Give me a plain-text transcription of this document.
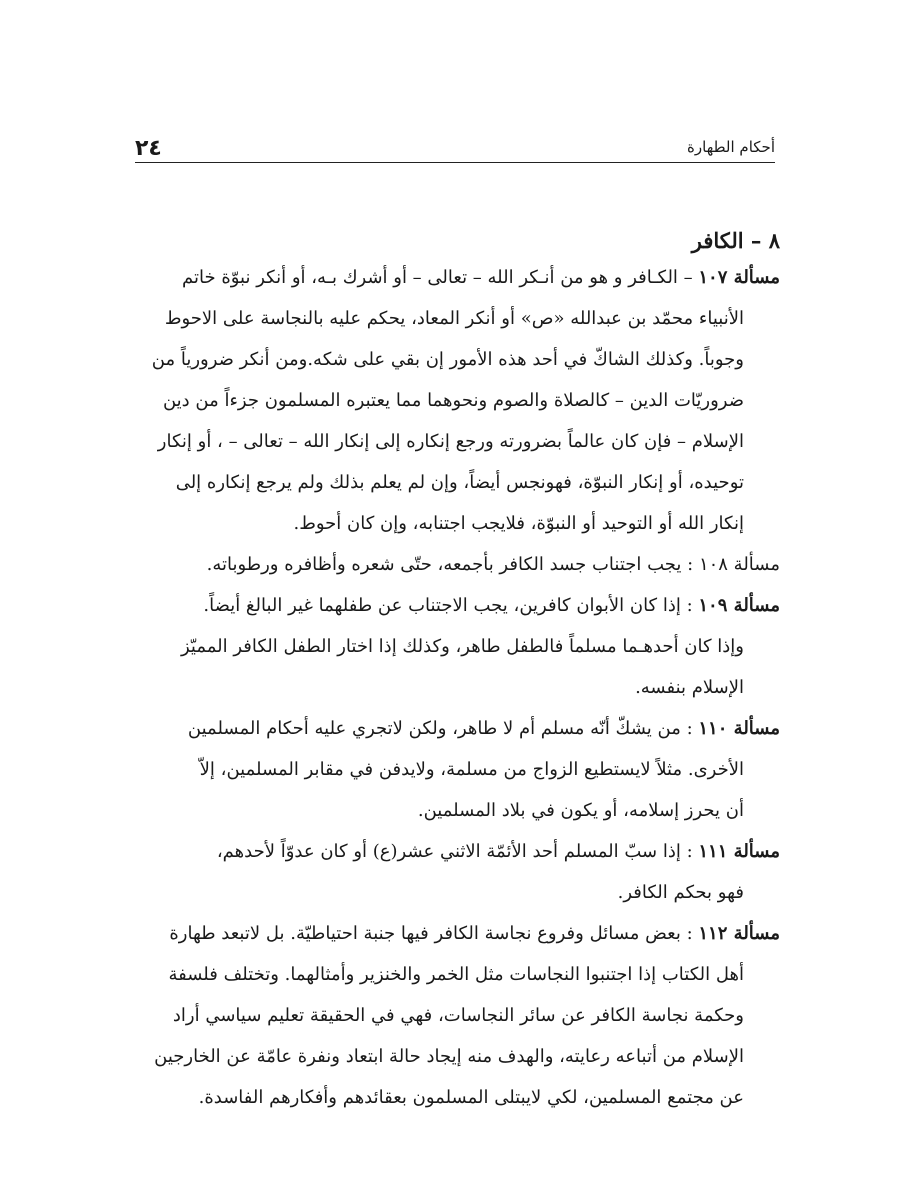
٢٤	أحكام الطهارة
٨ – الكافر
مسألة ١٠٧ – الكـافر و هو من أنـكر الله – تعالى – أو أشرك بـه، أو أنكر نبوّة خاتم
الأنبياء محمّد بن عبدالله «ص» أو أنكر المعاد، يحكم عليه بالنجاسة على الاحوط
وجوباً. وكذلك الشاكّ في أحد هذه الأمور إن بقي على شكه.ومن أنكر ضرورياً من
ضروريّات الدين – كالصلاة والصوم ونحوهما مما يعتبره المسلمون جزءاً من دين
الإسلام – فإن كان عالماً بضرورته ورجع إنكاره إلى إنكار الله – تعالى – ، أو إنكار
توحيده، أو إنكار النبوّة، فهونجس أيضاً، وإن لم يعلم بذلك ولم يرجع إنكاره إلى
إنكار الله أو التوحيد أو النبوّة، فلايجب اجتنابه، وإن كان أحوط.
مسألة ١٠٨ : يجب اجتناب جسد الكافر بأجمعه، حتّى شعره وأظافره ورطوباته.
مسألة ١٠٩ : إذا كان الأبوان كافرين، يجب الاجتناب عن طفلهما غير البالغ أيضاً.
وإذا كان أحدهـما مسلماً فالطفل طاهر، وكذلك إذا اختار الطفل الكافر المميّز
الإسلام بنفسه.
مسألة ١١٠ : من يشكّ أنّه مسلم أم لا طاهر، ولكن لاتجري عليه أحكام المسلمين
الأخرى. مثلاً لايستطيع الزواج من مسلمة، ولايدفن في مقابر المسلمين، إلاّ
أن يحرز إسلامه، أو يكون في بلاد المسلمين.
مسألة ١١١ : إذا سبّ المسلم أحد الأئمّة الاثني عشر(ع) أو كان عدوّاً لأحدهم،
فهو بحكم الكافر.
مسألة ١١٢ : بعض مسائل وفروع نجاسة الكافر فيها جنبة احتياطيّة. بل لاتبعد طهارة
أهل الكتاب إذا اجتنبوا النجاسات مثل الخمر والخنزير وأمثالهما. وتختلف فلسفة
وحكمة نجاسة الكافر عن سائر النجاسات، فهي في الحقيقة تعليم سياسي أراد
الإسلام من أتباعه رعايته، والهدف منه إيجاد حالة ابتعاد ونفرة عامّة عن الخارجين
عن مجتمع المسلمين، لكي لايبتلى المسلمون بعقائدهم وأفكارهم الفاسدة.
